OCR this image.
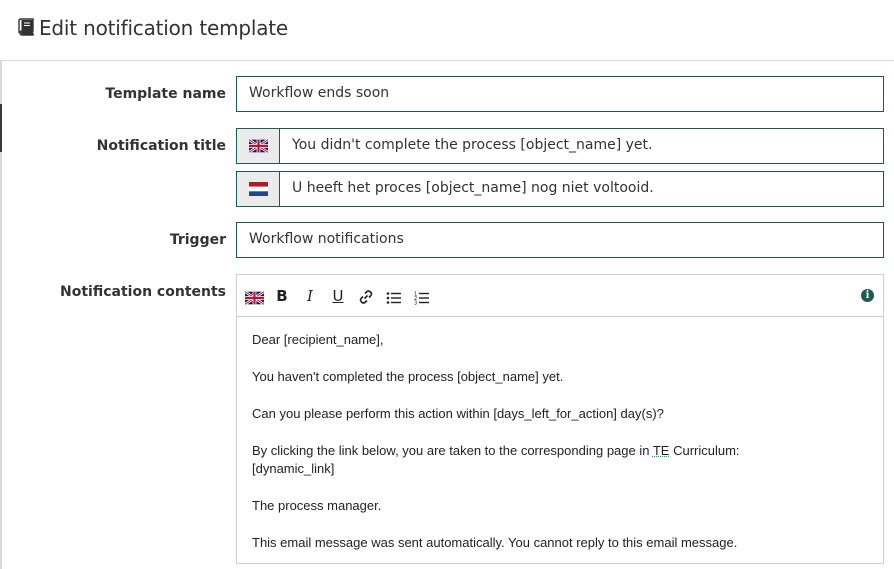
Edit notification template
Template name Workflow ends soon
Notification title	You didn't complete the process [object_name] yet.
U heeft het proces [object_name] nog niet voltooid.
Trigger Workflow notifications
Notification contents	B I U	1
2
3
i

Dear [recipient_name],

You haven't completed the process [object_name] yet.

Can you please perform this action within [days_left_for_action] day(s)?

By clicking the link below, you are taken to the corresponding page in TE Curriculum:
[dynamic_link]

The process manager.

This email message was sent automatically. You cannot reply to this email message.
